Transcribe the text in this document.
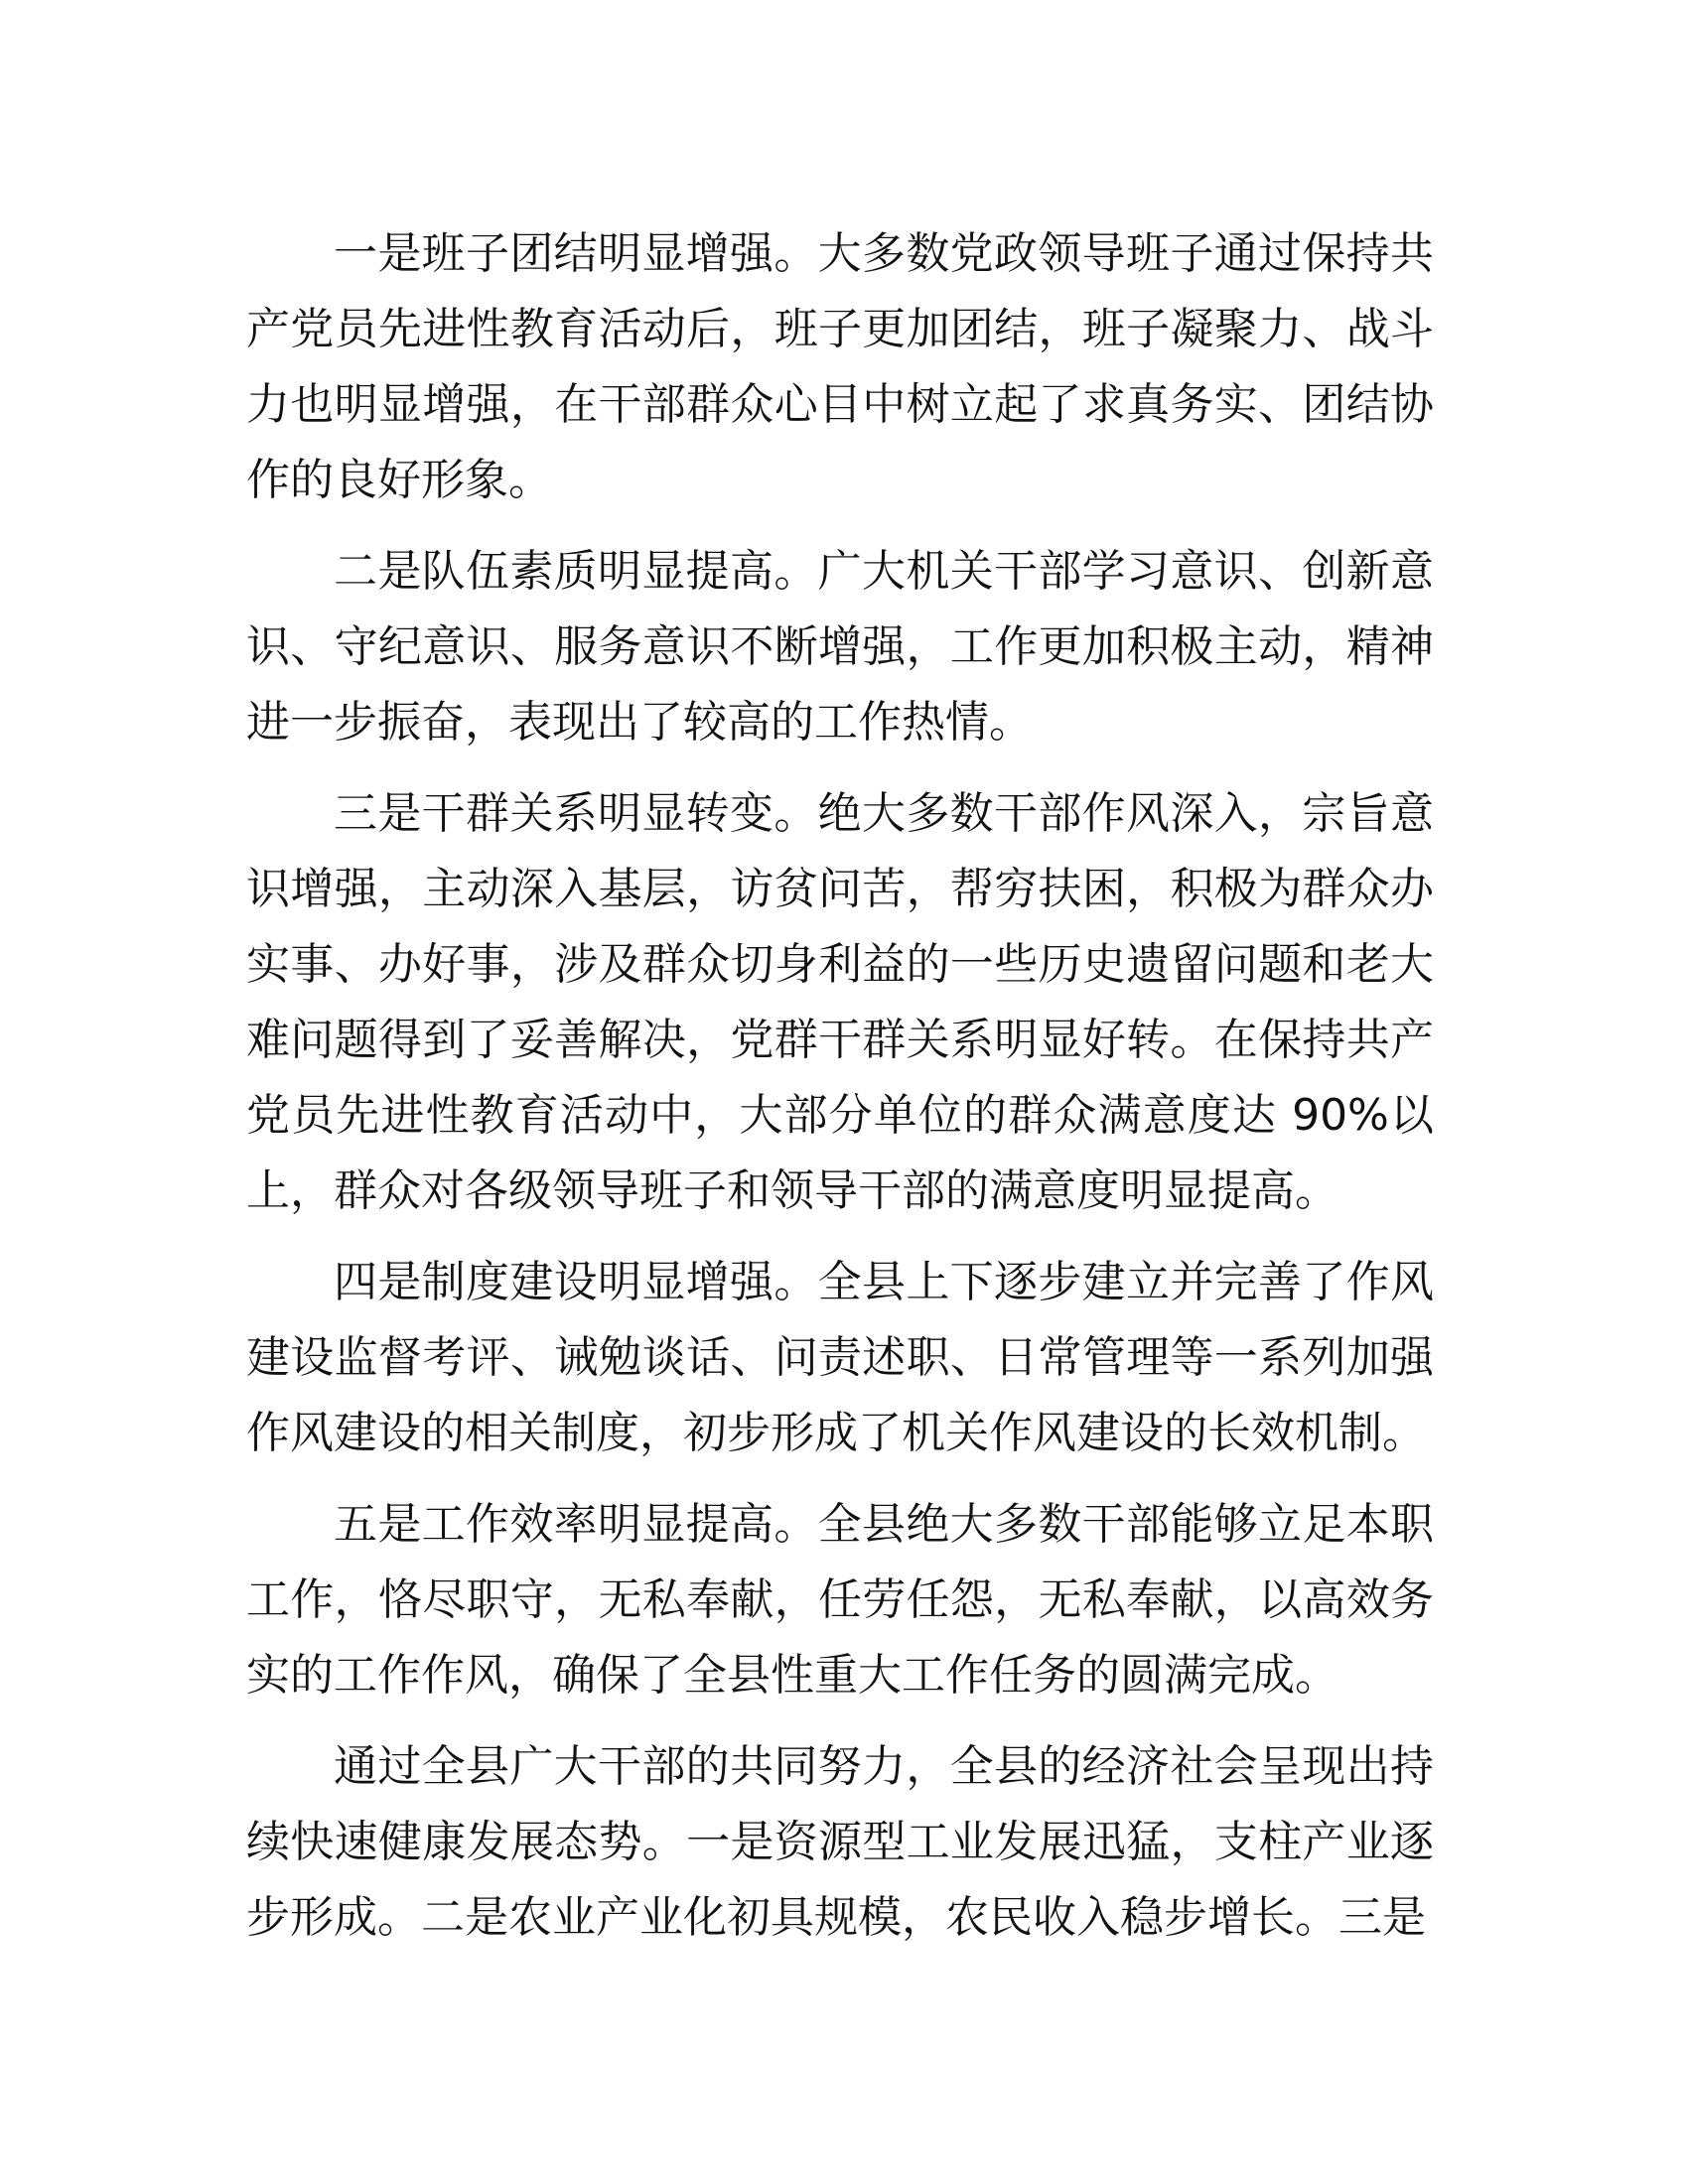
一是班子团结明显增强。大多数党政领导班子通过保持共产党员先进性教育活动后，班子更加团结，班子凝聚力、战斗力也明显增强，在干部群众心目中树立起了求真务实、团结协作的良好形象。

二是队伍素质明显提高。广大机关干部学习意识、创新意识、守纪意识、服务意识不断增强，工作更加积极主动，精神进一步振奋，表现出了较高的工作热情。

三是干群关系明显转变。绝大多数干部作风深入，宗旨意识增强，主动深入基层，访贫问苦，帮穷扶困，积极为群众办实事、办好事，涉及群众切身利益的一些历史遗留问题和老大难问题得到了妥善解决，党群干群关系明显好转。在保持共产党员先进性教育活动中，大部分单位的群众满意度达 90%以上，群众对各级领导班子和领导干部的满意度明显提高。

四是制度建设明显增强。全县上下逐步建立并完善了作风建设监督考评、诫勉谈话、问责述职、日常管理等一系列加强作风建设的相关制度，初步形成了机关作风建设的长效机制。

五是工作效率明显提高。全县绝大多数干部能够立足本职工作，恪尽职守，无私奉献，任劳任怨，无私奉献，以高效务实的工作作风，确保了全县性重大工作任务的圆满完成。

通过全县广大干部的共同努力，全县的经济社会呈现出持续快速健康发展态势。一是资源型工业发展迅猛，支柱产业逐步形成。二是农业产业化初具规模，农民收入稳步增长。三是
